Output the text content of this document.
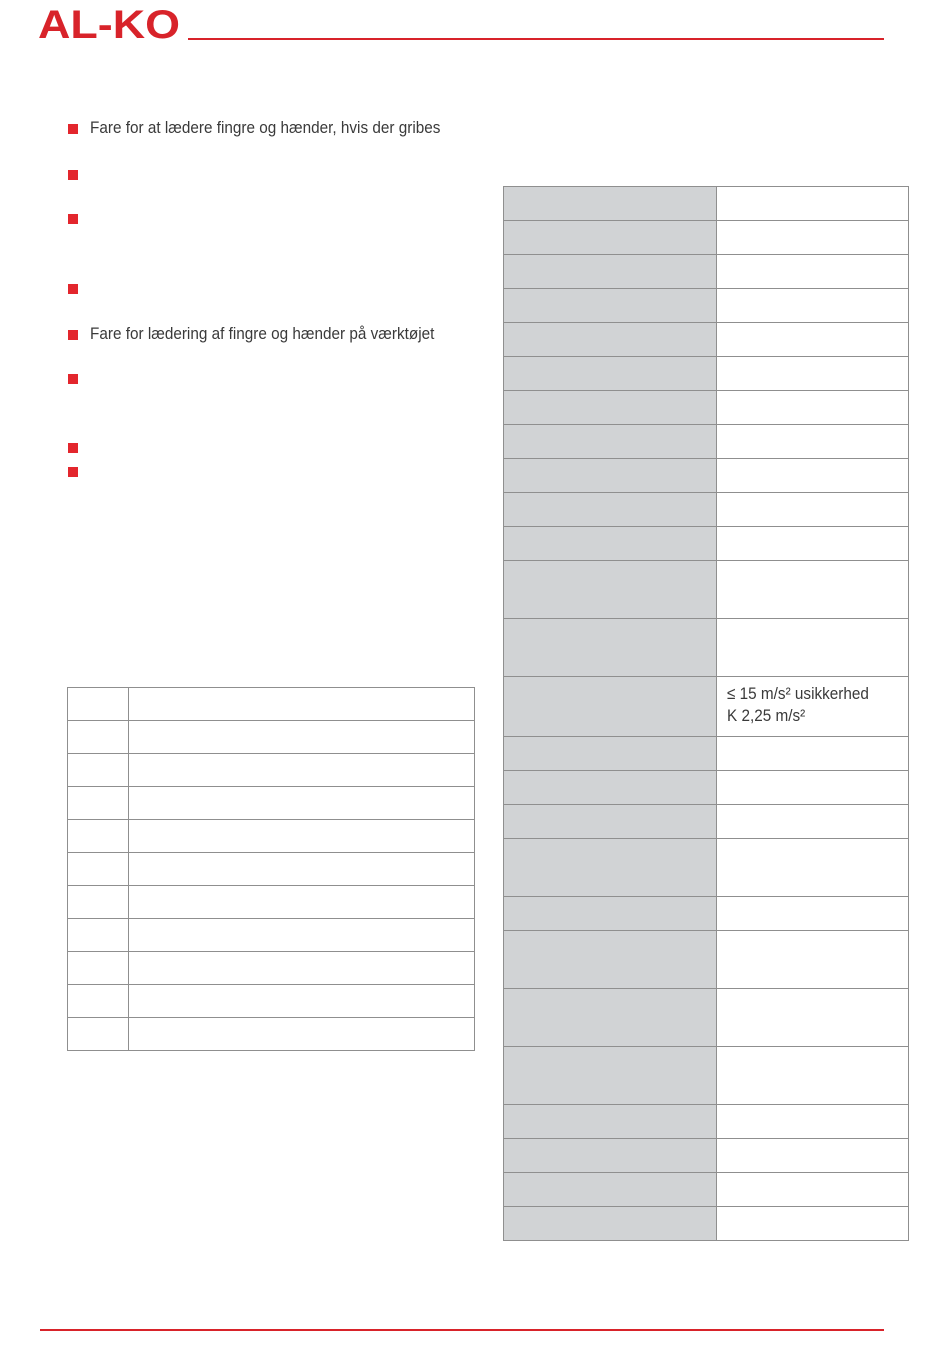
AL-KO
Fare for at lædere fingre og hænder, hvis der gribes
Fare for lædering af fingre og hænder på værktøjet

	≤ 15 m/s² usikkerhed
K 2,25 m/s²
